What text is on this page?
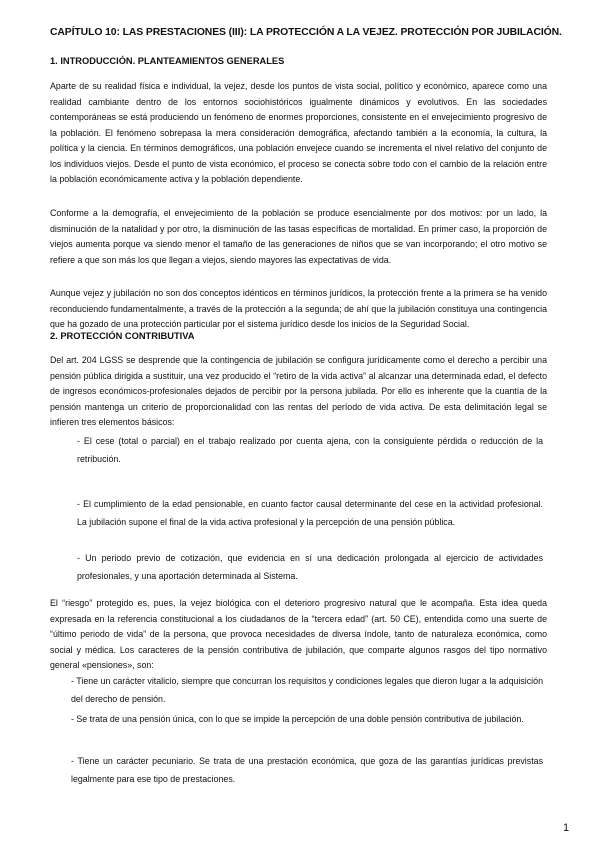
CAPÍTULO 10: LAS PRESTACIONES (III): LA PROTECCIÓN A LA VEJEZ. PROTECCIÓN POR JUBILACIÓN.

1. INTRODUCCIÓN. PLANTEAMIENTOS GENERALES

Aparte de su realidad física e individual, la vejez, desde los puntos de vista social, político y económico, aparece como una realidad cambiante dentro de los entornos sociohistóricos igualmente dinámicos y evolutivos. En las sociedades contemporáneas se está produciendo un fenómeno de enormes proporciones, consistente en el envejecimiento progresivo de la población. El fenómeno sobrepasa la mera consideración demográfica, afectando también a la economía, la cultura, la política y la ciencia. En términos demográficos, una población envejece cuando se incrementa el nivel relativo del conjunto de los individuos viejos. Desde el punto de vista económico, el proceso se conecta sobre todo con el cambio de la relación entre la población económicamente activa y la población dependiente.

Conforme a la demografía, el envejecimiento de la población se produce esencialmente por dos motivos: por un lado, la disminución de la natalidad y por otro, la disminución de las tasas específicas de mortalidad. En primer caso, la proporción de viejos aumenta porque va siendo menor el tamaño de las generaciones de niños que se van incorporando; el otro motivo se refiere a que son más los que llegan a viejos, siendo mayores las expectativas de vida.

Aunque vejez y jubilación no son dos conceptos idénticos en términos jurídicos, la protección frente a la primera se ha venido reconduciendo fundamentalmente, a través de la protección a la segunda; de ahí que la jubilación constituya una contingencia que ha gozado de una protección particular por el sistema jurídico desde los inicios de la Seguridad Social.

2. PROTECCIÓN CONTRIBUTIVA

Del art. 204 LGSS se desprende que la contingencia de jubilación se configura jurídicamente como el derecho a percibir una pensión pública dirigida a sustituir, una vez producido el “retiro de la vida activa” al alcanzar una determinada edad, el defecto de ingresos económicos-profesionales dejados de percibir por la persona jubilada. Por ello es inherente que la cuantía de la pensión mantenga un criterio de proporcionalidad con las rentas del período de vida activa. De esta delimitación legal se infieren tres elementos básicos:

- El cese (total o parcial) en el trabajo realizado por cuenta ajena, con la consiguiente pérdida o reducción de la retribución.

- El cumplimiento de la edad pensionable, en cuanto factor causal determinante del cese en la actividad profesional. La jubilación supone el final de la vida activa profesional y la percepción de una pensión pública.

- Un periodo previo de cotización, que evidencia en sí una dedicación prolongada al ejercicio de actividades profesionales, y una aportación determinada al Sistema.

El “riesgo” protegido es, pues, la vejez biológica con el deterioro progresivo natural que le acompaña. Esta idea queda expresada en la referencia constitucional a los ciudadanos de la “tercera edad” (art. 50 CE), entendida como una suerte de “último periodo de vida” de la persona, que provoca necesidades de diversa índole, tanto de naturaleza económica, como social y médica. Los caracteres de la pensión contributiva de jubilación, que comparte algunos rasgos del tipo normativo general «pensiones», son:

- Tiene un carácter vitalicio, siempre que concurran los requisitos y condiciones legales que dieron lugar a la adquisición del derecho de pensión.

- Se trata de una pensión única, con lo que se impide la percepción de una doble pensión contributiva de jubilación.

- Tiene un carácter pecuniario. Se trata de una prestación económica, que goza de las garantías jurídicas previstas legalmente para ese tipo de prestaciones.

1
